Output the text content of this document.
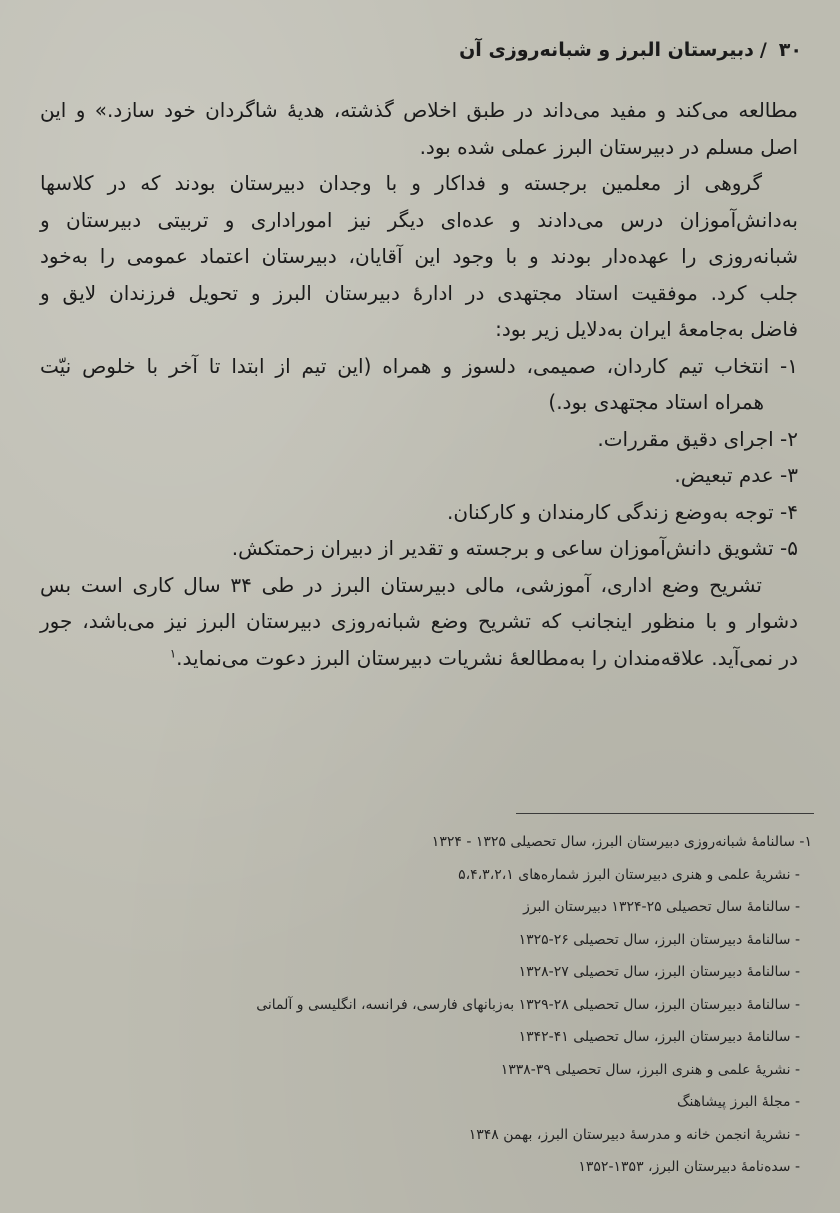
۳۰/دبیرستان البرز و شبانه‌روزی آن
مطالعه می‌کند و مفید می‌داند در طبق اخلاص گذشته، هدیهٔ شاگردان خود سازد.» و این
اصل مسلم در دبیرستان البرز عملی شده بود.
گروهی از معلمین برجسته و فداکار و با وجدان دبیرستان بودند که در کلاسها
به‌دانش‌آموزان درس می‌دادند و عده‌ای دیگر نیز اموراداری و تربیتی دبیرستان و
شبانه‌روزی را عهده‌دار بودند و با وجود این آقایان، دبیرستان اعتماد عمومی را به‌خود
جلب کرد. موفقیت استاد مجتهدی در ادارهٔ دبیرستان البرز و تحویل فرزندان لایق و
فاضل به‌جامعهٔ ایران به‌دلایل زیر بود:
۱- انتخاب تیم کاردان، صمیمی، دلسوز و همراه (این تیم از ابتدا تا آخر با خلوص نیّت
همراه استاد مجتهدی بود.)
۲- اجرای دقیق مقررات.
۳- عدم تبعیض.
۴- توجه به‌وضع زندگی کارمندان و کارکنان.
۵- تشویق دانش‌آموزان ساعی و برجسته و تقدیر از دبیران زحمتکش.
تشریح وضع اداری، آموزشی، مالی دبیرستان البرز در طی ۳۴ سال کاری است بس
دشوار و با منظور اینجانب که تشریح وضع شبانه‌روزی دبیرستان البرز نیز می‌باشد، جور
در نمی‌آید. علاقه‌مندان را به‌مطالعهٔ نشریات دبیرستان البرز دعوت می‌نماید.$^۱$
۱- سالنامهٔ شبانه‌روزی دبیرستان البرز، سال تحصیلی ۱۳۲۵ - ۱۳۲۴
- نشریهٔ علمی و هنری دبیرستان البرز شماره‌های ۵،۴،۳،۲،۱
- سالنامهٔ سال تحصیلی ۲۵-۱۳۲۴ دبیرستان البرز
- سالنامهٔ دبیرستان البرز، سال تحصیلی ۲۶-۱۳۲۵
- سالنامهٔ دبیرستان البرز، سال تحصیلی ۲۷-۱۳۲۸
- سالنامهٔ دبیرستان البرز، سال تحصیلی ۲۸-۱۳۲۹ به‌زبانهای فارسی، فرانسه، انگلیسی و آلمانی
- سالنامهٔ دبیرستان البرز، سال تحصیلی ۴۱-۱۳۴۲
- نشریهٔ علمی و هنری البرز، سال تحصیلی ۳۹-۱۳۳۸
- مجلهٔ البرز پیشاهنگ
- نشریهٔ انجمن خانه و مدرسهٔ دبیرستان البرز، بهمن ۱۳۴۸
- سده‌نامهٔ دبیرستان البرز، ۱۳۵۳-۱۳۵۲
